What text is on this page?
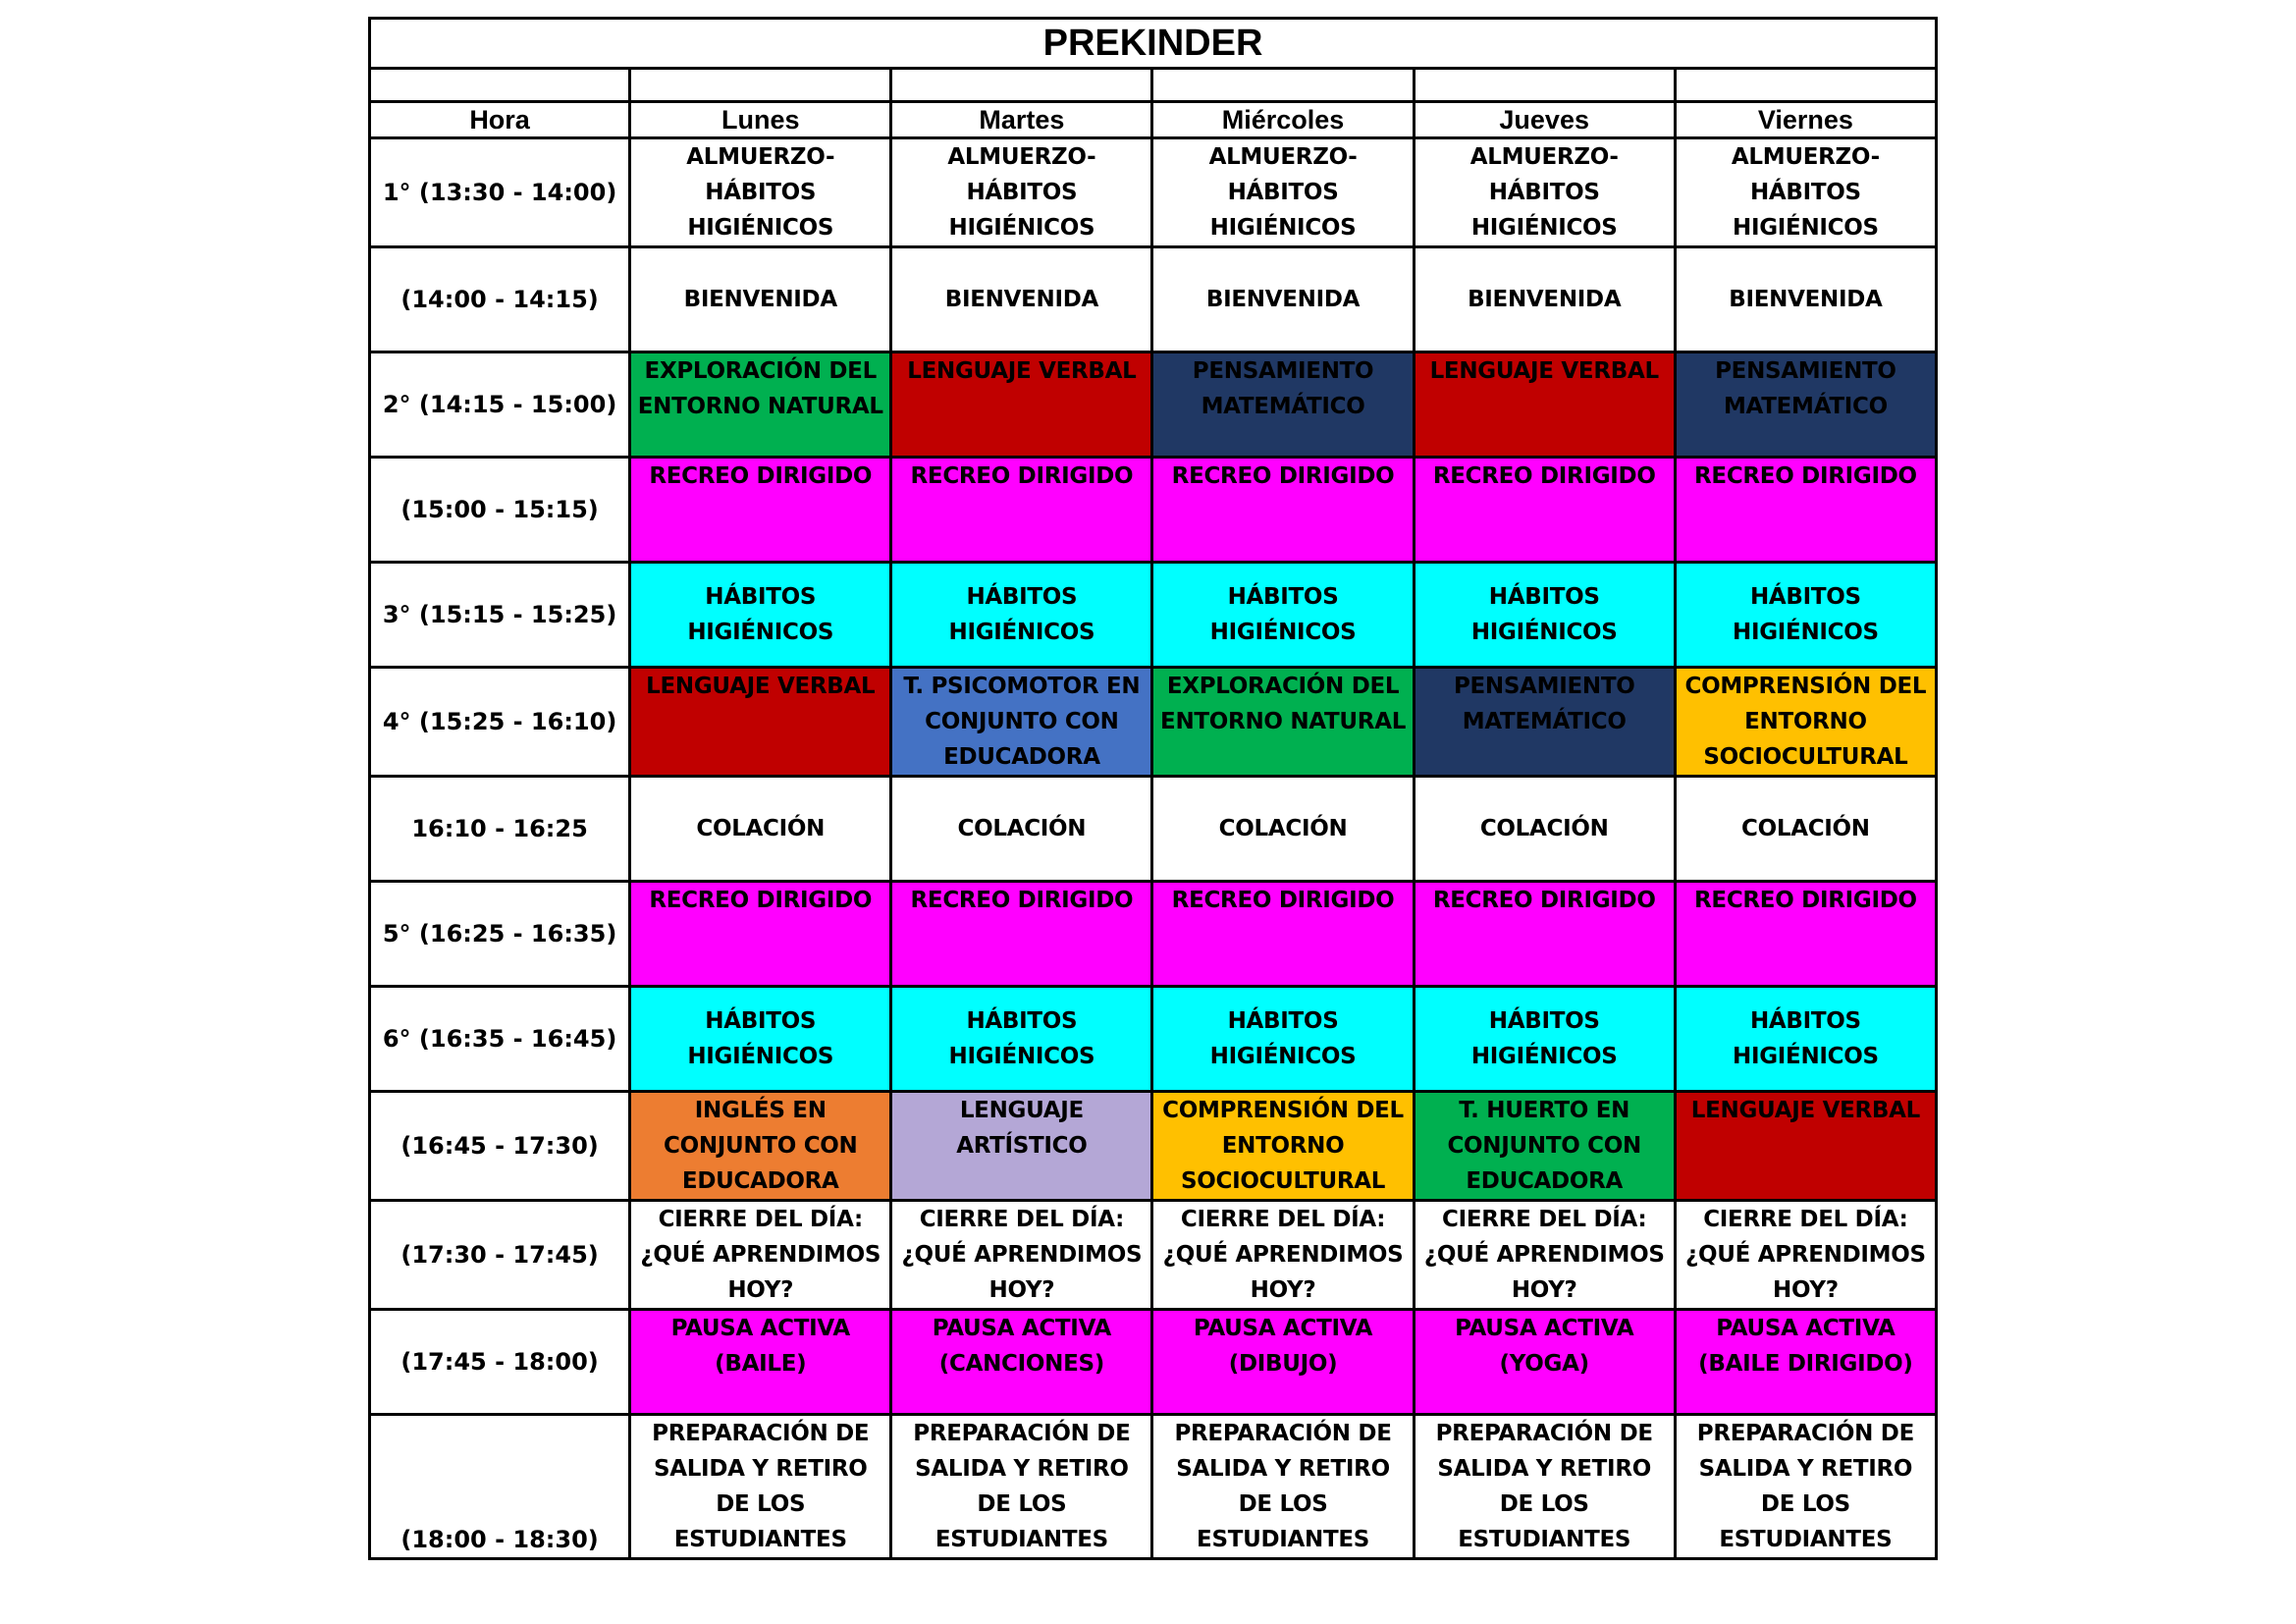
PREKINDER					

Hora	Lunes	Martes	Miércoles	Jueves	Viernes
1° (13:30 - 14:00)	ALMUERZO- HÁBITOS HIGIÉNICOS	ALMUERZO- HÁBITOS HIGIÉNICOS	ALMUERZO- HÁBITOS HIGIÉNICOS	ALMUERZO- HÁBITOS HIGIÉNICOS	ALMUERZO- HÁBITOS HIGIÉNICOS
(14:00 - 14:15)	BIENVENIDA	BIENVENIDA	BIENVENIDA	BIENVENIDA	BIENVENIDA
2° (14:15 - 15:00)	EXPLORACIÓN DEL ENTORNO NATURAL	LENGUAJE VERBAL	PENSAMIENTO MATEMÁTICO	LENGUAJE VERBAL	PENSAMIENTO MATEMÁTICO
(15:00 - 15:15)	RECREO DIRIGIDO	RECREO DIRIGIDO	RECREO DIRIGIDO	RECREO DIRIGIDO	RECREO DIRIGIDO
3° (15:15 - 15:25)	HÁBITOS HIGIÉNICOS	HÁBITOS HIGIÉNICOS	HÁBITOS HIGIÉNICOS	HÁBITOS HIGIÉNICOS	HÁBITOS HIGIÉNICOS
4° (15:25 - 16:10)	LENGUAJE VERBAL	T. PSICOMOTOR EN CONJUNTO CON EDUCADORA	EXPLORACIÓN DEL ENTORNO NATURAL	PENSAMIENTO MATEMÁTICO	COMPRENSIÓN DEL ENTORNO SOCIOCULTURAL
16:10 - 16:25	COLACIÓN	COLACIÓN	COLACIÓN	COLACIÓN	COLACIÓN
5° (16:25 - 16:35)	RECREO DIRIGIDO	RECREO DIRIGIDO	RECREO DIRIGIDO	RECREO DIRIGIDO	RECREO DIRIGIDO
6° (16:35 - 16:45)	HÁBITOS HIGIÉNICOS	HÁBITOS HIGIÉNICOS	HÁBITOS HIGIÉNICOS	HÁBITOS HIGIÉNICOS	HÁBITOS HIGIÉNICOS
(16:45 - 17:30)	INGLÉS EN CONJUNTO CON EDUCADORA	LENGUAJE ARTÍSTICO	COMPRENSIÓN DEL ENTORNO SOCIOCULTURAL	T. HUERTO EN CONJUNTO CON EDUCADORA	LENGUAJE VERBAL
(17:30 - 17:45)	CIERRE DEL DÍA: ¿QUÉ APRENDIMOS HOY?	CIERRE DEL DÍA: ¿QUÉ APRENDIMOS HOY?	CIERRE DEL DÍA: ¿QUÉ APRENDIMOS HOY?	CIERRE DEL DÍA: ¿QUÉ APRENDIMOS HOY?	CIERRE DEL DÍA: ¿QUÉ APRENDIMOS HOY?
(17:45 - 18:00)	PAUSA ACTIVA (BAILE)	PAUSA ACTIVA (CANCIONES)	PAUSA ACTIVA (DIBUJO)	PAUSA ACTIVA (YOGA)	PAUSA ACTIVA (BAILE DIRIGIDO)
(18:00 - 18:30)	PREPARACIÓN DE SALIDA Y RETIRO DE LOS ESTUDIANTES	PREPARACIÓN DE SALIDA Y RETIRO DE LOS ESTUDIANTES	PREPARACIÓN DE SALIDA Y RETIRO DE LOS ESTUDIANTES	PREPARACIÓN DE SALIDA Y RETIRO DE LOS ESTUDIANTES	PREPARACIÓN DE SALIDA Y RETIRO DE LOS ESTUDIANTES
